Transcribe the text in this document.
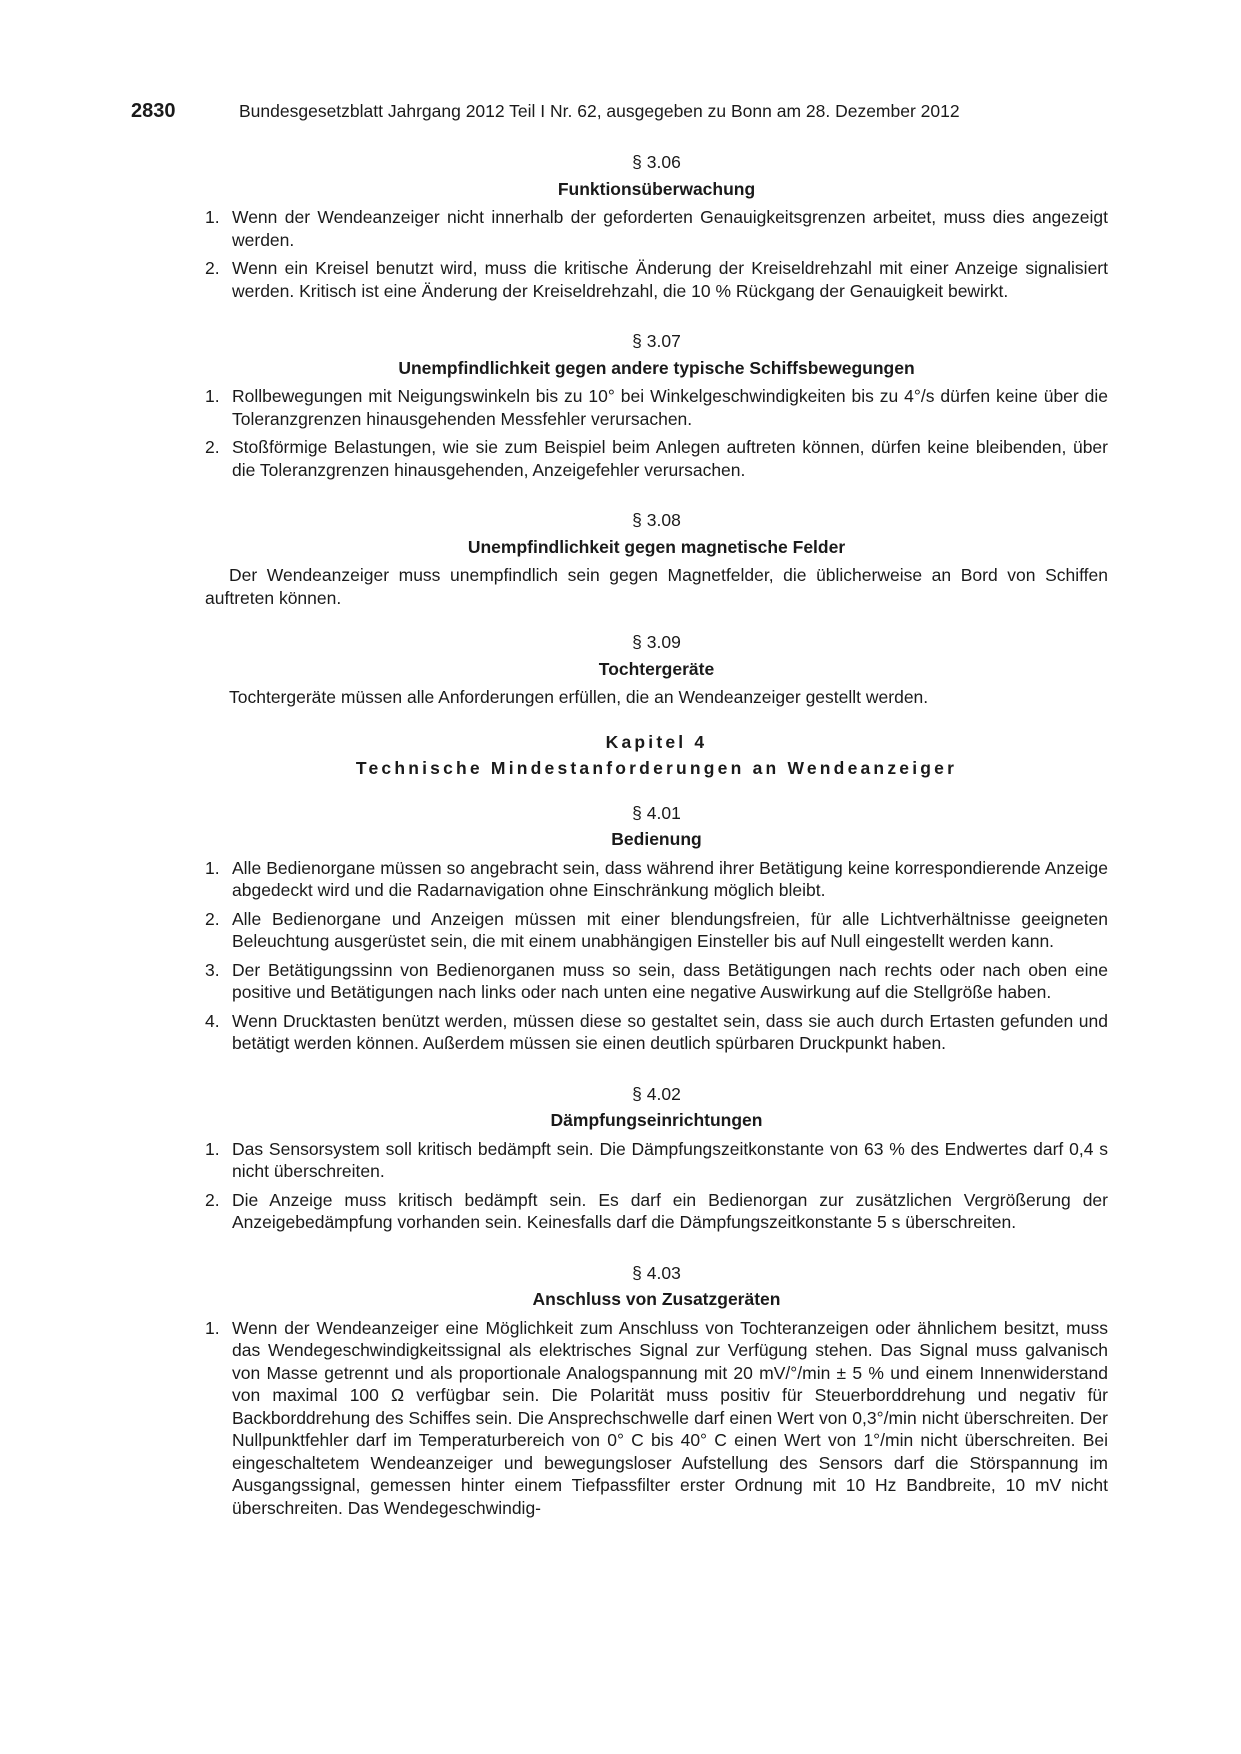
2830	Bundesgesetzblatt Jahrgang 2012 Teil I Nr. 62, ausgegeben zu Bonn am 28. Dezember 2012

§ 3.06

Funktionsüberwachung

1. Wenn der Wendeanzeiger nicht innerhalb der geforderten Genauigkeitsgrenzen arbeitet, muss dies angezeigt werden.
2. Wenn ein Kreisel benutzt wird, muss die kritische Änderung der Kreiseldrehzahl mit einer Anzeige signalisiert werden. Kritisch ist eine Änderung der Kreiseldrehzahl, die 10 % Rückgang der Genauigkeit bewirkt.

§ 3.07

Unempfindlichkeit gegen andere typische Schiffsbewegungen

1. Rollbewegungen mit Neigungswinkeln bis zu 10° bei Winkelgeschwindigkeiten bis zu 4°/s dürfen keine über die Toleranzgrenzen hinausgehenden Messfehler verursachen.
2. Stoßförmige Belastungen, wie sie zum Beispiel beim Anlegen auftreten können, dürfen keine bleibenden, über die Toleranzgrenzen hinausgehenden, Anzeigefehler verursachen.

§ 3.08

Unempfindlichkeit gegen magnetische Felder

Der Wendeanzeiger muss unempfindlich sein gegen Magnetfelder, die üblicherweise an Bord von Schiffen auftreten können.

§ 3.09

Tochtergeräte

Tochtergeräte müssen alle Anforderungen erfüllen, die an Wendeanzeiger gestellt werden.

Kapitel 4

Technische Mindestanforderungen an Wendeanzeiger

§ 4.01

Bedienung

1. Alle Bedienorgane müssen so angebracht sein, dass während ihrer Betätigung keine korrespondierende Anzeige abgedeckt wird und die Radarnavigation ohne Einschränkung möglich bleibt.
2. Alle Bedienorgane und Anzeigen müssen mit einer blendungsfreien, für alle Lichtverhältnisse geeigneten Beleuchtung ausgerüstet sein, die mit einem unabhängigen Einsteller bis auf Null eingestellt werden kann.
3. Der Betätigungssinn von Bedienorganen muss so sein, dass Betätigungen nach rechts oder nach oben eine positive und Betätigungen nach links oder nach unten eine negative Auswirkung auf die Stellgröße haben.
4. Wenn Drucktasten benützt werden, müssen diese so gestaltet sein, dass sie auch durch Ertasten gefunden und betätigt werden können. Außerdem müssen sie einen deutlich spürbaren Druckpunkt haben.

§ 4.02

Dämpfungseinrichtungen

1. Das Sensorsystem soll kritisch bedämpft sein. Die Dämpfungszeitkonstante von 63 % des Endwertes darf 0,4 s nicht überschreiten.
2. Die Anzeige muss kritisch bedämpft sein. Es darf ein Bedienorgan zur zusätzlichen Vergrößerung der Anzeigebedämpfung vorhanden sein. Keinesfalls darf die Dämpfungszeitkonstante 5 s überschreiten.

§ 4.03

Anschluss von Zusatzgeräten

1. Wenn der Wendeanzeiger eine Möglichkeit zum Anschluss von Tochteranzeigen oder ähnlichem besitzt, muss das Wendegeschwindigkeitssignal als elektrisches Signal zur Verfügung stehen. Das Signal muss galvanisch von Masse getrennt und als proportionale Analogspannung mit 20 mV/°/min ± 5 % und einem Innenwiderstand von maximal 100 Ω verfügbar sein. Die Polarität muss positiv für Steuerborddrehung und negativ für Backborddrehung des Schiffes sein. Die Ansprechschwelle darf einen Wert von 0,3°/min nicht überschreiten. Der Nullpunktfehler darf im Temperaturbereich von 0° C bis 40° C einen Wert von 1°/min nicht überschreiten. Bei eingeschaltetem Wendeanzeiger und bewegungsloser Aufstellung des Sensors darf die Störspannung im Ausgangssignal, gemessen hinter einem Tiefpassfilter erster Ordnung mit 10 Hz Bandbreite, 10 mV nicht überschreiten. Das Wendegeschwindig-
